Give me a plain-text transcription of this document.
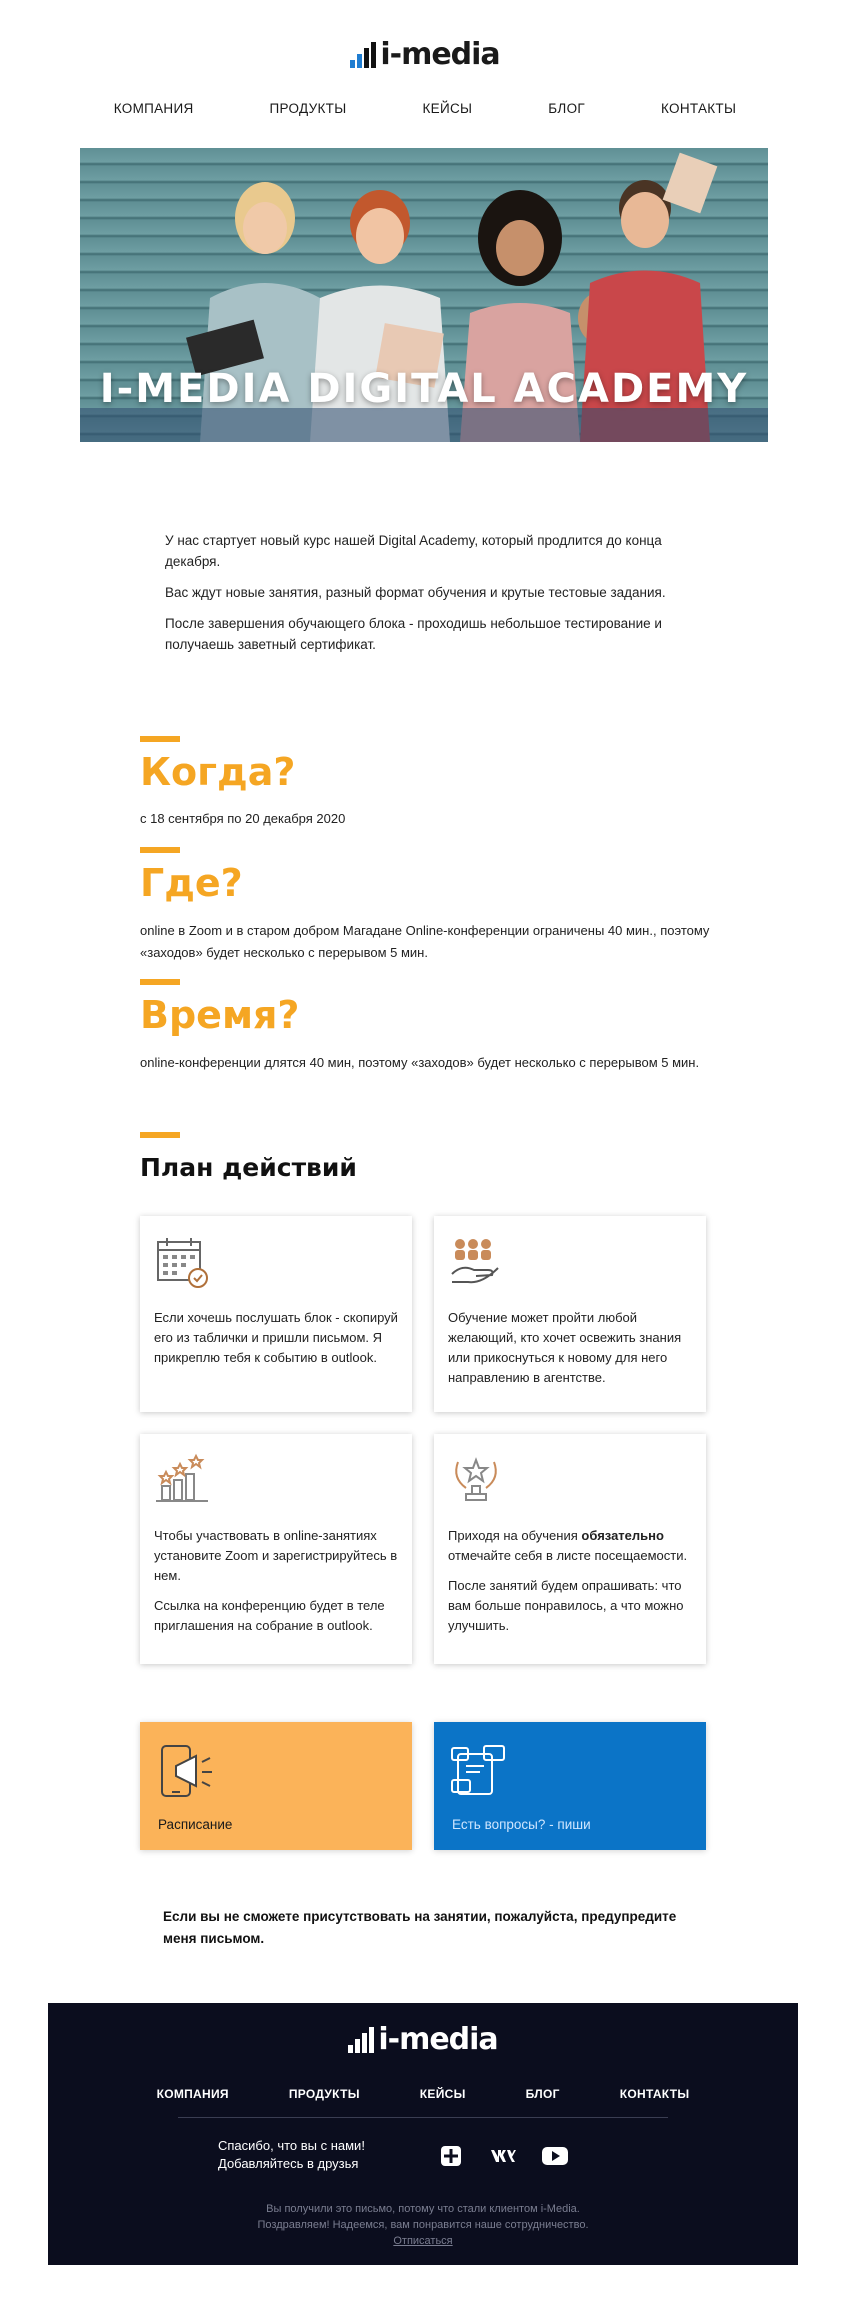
i-media
КОМПАНИЯ	ПРОДУКТЫ	КЕЙСЫ	БЛОГ	КОНТАКТЫ
I-MEDIA DIGITAL ACADEMY

У нас стартует новый курс нашей Digital Academy, который продлится до конца декабря.

Вас ждут новые занятия, разный формат обучения и крутые тестовые задания.

После завершения обучающего блока - проходишь небольшое тестирование и получаешь заветный сертификат.

Когда?
с 18 сентября по 20 декабря 2020
Где?
online в Zoom и в старом добром Магадане Online-конференции ограничены 40 мин., поэтому «заходов» будет несколько с перерывом 5 мин.
Время?
online-конференции длятся 40 мин, поэтому «заходов» будет несколько с перерывом 5 мин.
План действий
Если хочешь послушать блок - скопируй его из таблички и пришли письмом. Я прикреплю тебя к событию в outlook.
Обучение может пройти любой желающий, кто хочет освежить знания или прикоснуться к новому для него направлению в агентстве.

Чтобы участвовать в online-занятиях установите Zoom и зарегистрируйтесь в нем.

Ссылка на конференцию будет в теле приглашения на собрание в outlook.

Приходя на обучения обязательно отмечайте себя в листе посещаемости.

После занятий будем опрашивать: что вам больше понравилось, а что можно улучшить.

Расписание	Есть вопросы? - пиши
Если вы не сможете присутствовать на занятии, пожалуйста, предупредите меня письмом.
i-media
КОМПАНИЯ	ПРОДУКТЫ	КЕЙСЫ	БЛОГ	КОНТАКТЫ
Спасибо, что вы с нами!
Добавляйтесь в друзья
Вы получили это письмо, потому что стали клиентом i-Media.
Поздравляем! Надеемся, вам понравится наше сотрудничество.
Отписаться
